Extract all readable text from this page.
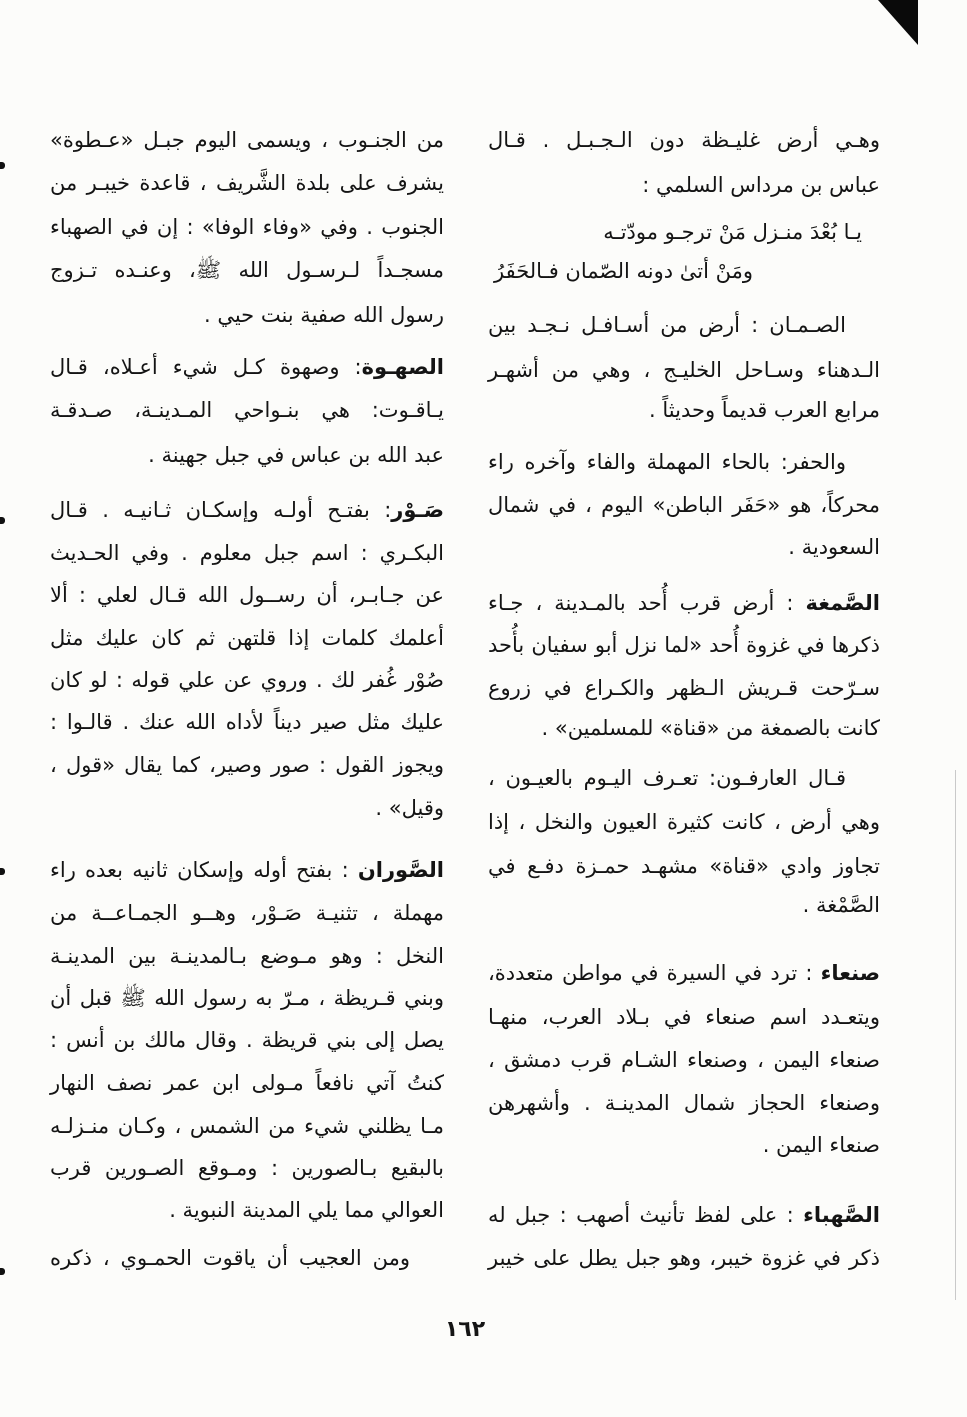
وهـي أرض غليـظة دون الـجـبـل . قـال
عباس بن مرداس السلمي :
يـا بُعْدَ منـزل مَنْ ترجـو مودّتـه
ومَنْ أتىٰ دونه الصّمان فـالحَفَرُ
الصـمـان : أرض من أسـافـل نـجـد بين
الـدهناء وسـاحل الخليـج ، وهي من أشهـر
مرابع العرب قديماً وحديثاً .
والحفر: بالحاء المهملة والفاء وآخره راء
محركاً، هو «حَفَر الباطن» اليوم ، في شمال
السعودية .
الصَّمغة : أرض قرب أُحد بالمـدينة ، جـاء
ذكرها في غزوة أُحد «لما نزل أبو سفيان بأُحد
سـرّحت قـريش الـظهر والكـراع في زروع
كانت بالصمغة من «قناة» للمسلمين» .
قـال العارفـون: تعـرف اليـوم بالعيـون ،
وهي أرض ، كانت كثيرة العيون والنخل ، إذا
تجاوز وادي «قناة» مشهـد حمـزة دفـع في
الصَّمْغة .
صنعاء : ترد في السيرة في مواطن متعددة،
ويتعـدد اسم صنعاء في بـلاد العرب، منهـا
صنعاء اليمن ، وصنعاء الشـام قرب دمشق ،
وصنعاء الحجاز شمال المدينـة . وأشهرهن
صنعاء اليمن .
الصَّهباء : على لفظ تأنيث أصهب : جبل له
ذكر في غزوة خيبر، وهو جبل يطل على خيبر
من الجنـوب ، ويسمى اليوم جبـل «عـطوة»
يشرف على بلدة الشَّريف ، قاعدة خيبـر من
الجنوب . وفي «وفاء الوفا» : إن في الصهباء
مسجـداً لـرسـول الله ﷺ، وعنـده تـزوج
رسول الله صفية بنت حيي .
الصهـوة: وصهوة كـل شيء أعـلاه، قـال
يـاقـوت: هي بنـواحي المـدينـة، صـدقـة
عبد الله بن عباس في جبل جهينة .
صَـوْر: بفتـح أولـه وإسكـان ثـانيـه . قـال
البكـري : اسم جبل معلوم . وفي الحـديث
عن جـابـر، أن رســول الله قـال لعلي : ألا
أعلمك كلمات إذا قلتهن ثم كان عليك مثل
صُوْر غُفر لك . وروي عن علي قوله : لو كان
عليك مثل صير ديناً لأداه الله عنك . قالـوا :
ويجوز القول : صور وصير، كما يقال «قول ،
وقيل» .
الصَّوران : بفتح أوله وإسكان ثانيه بعده راء
مهملة ، تثنيـة صَـوْر، وهــو الجمـاعــة من
النخل : وهو مـوضع بـالمدينـة بين المدينـة
وبني قـريظة ، مـرّ به رسول الله ﷺ قبل أن
يصل إلى بني قريظة . وقال مالك بن أنس :
كنتُ آتي نافعاً مـولى ابن عمر نصف النهار
مـا يظلني شيء من الشمس ، وكـان منـزلـه
بالبقيع بـالصورين : ومـوقع الصـورين قرب
العوالي مما يلي المدينة النبوية .
ومن العجيب أن ياقوت الحمـوي ، ذكره
١٦٢
